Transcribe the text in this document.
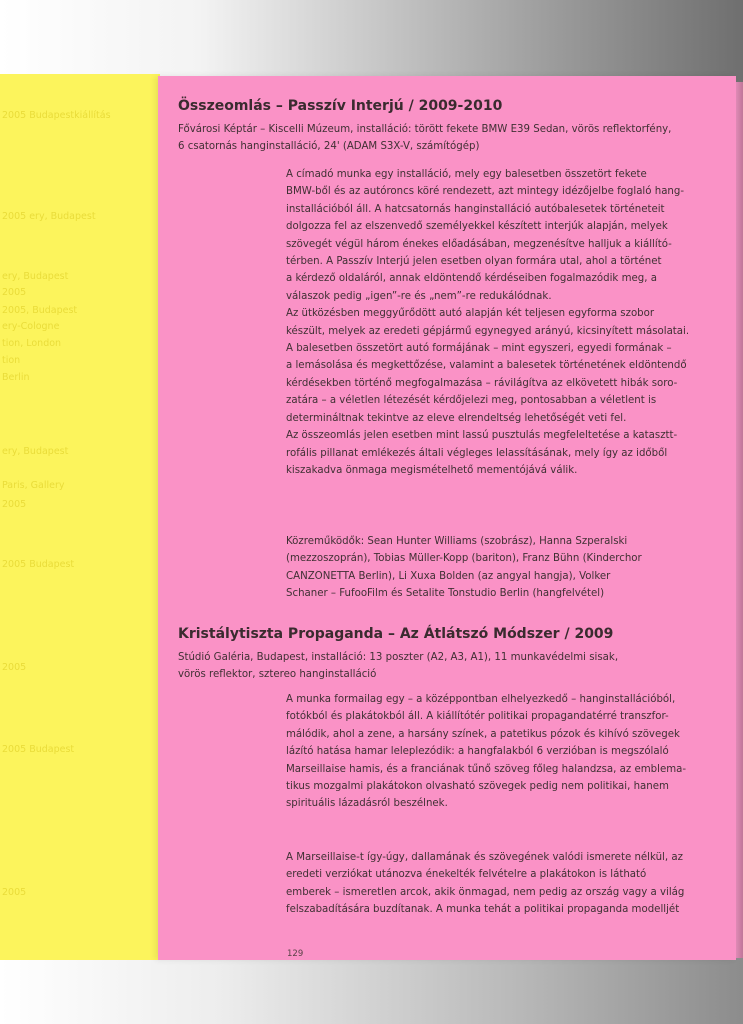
2005 Budapestkiállítás
2005 ery, Budapest
ery, Budapest
2005
2005, Budapest
ery-Cologne
tion, London
tion
Berlin
ery, Budapest
Paris, Gallery
2005
2005 Budapest
2005
2005 Budapest
2005
Összeomlás – Passzív Interjú / 2009-2010
Fővárosi Képtár – Kiscelli Múzeum, installáció: törött fekete BMW E39 Sedan, vörös reflektorfény,
6 csatornás hanginstalláció, 24' (ADAM S3X-V, számítógép)
A címadó munka egy installáció, mely egy balesetben összetört fekete
BMW-ből és az autóroncs köré rendezett, azt mintegy idézőjelbe foglaló hang-
installációból áll. A hatcsatornás hanginstalláció autóbalesetek történeteit
dolgozza fel az elszenvedő személyekkel készített interjúk alapján, melyek
szövegét végül három énekes előadásában, megzenésítve halljuk a kiállító-
térben. A Passzív Interjú jelen esetben olyan formára utal, ahol a történet
a kérdező oldaláról, annak eldöntendő kérdéseiben fogalmazódik meg, a
válaszok pedig „igen”-re és „nem”-re redukálódnak.
Az ütközésben meggyűrődött autó alapján két teljesen egyforma szobor
készült, melyek az eredeti gépjármű egynegyed arányú, kicsinyített másolatai.
A balesetben összetört autó formájának – mint egyszeri, egyedi formának –
a lemásolása és megkettőzése, valamint a balesetek történetének eldöntendő
kérdésekben történő megfogalmazása – rávilágítva az elkövetett hibák soro-
zatára – a véletlen létezését kérdőjelezi meg, pontosabban a véletlent is
determináltnak tekintve az eleve elrendeltség lehetőségét veti fel.
Az összeomlás jelen esetben mint lassú pusztulás megfeleltetése a katasztt-
rofális pillanat emlékezés általi végleges lelassításának, mely így az időből
kiszakadva önmaga megismételhető mementójává válik.
Közreműködők: Sean Hunter Williams (szobrász), Hanna Szperalski
(mezzoszoprán), Tobias Müller-Kopp (bariton), Franz Bühn (Kinderchor
CANZONETTA Berlin), Li Xuxa Bolden (az angyal hangja), Volker
Schaner – FufooFilm és Setalite Tonstudio Berlin (hangfelvétel)
Kristálytiszta Propaganda – Az Átlátszó Módszer / 2009
Stúdió Galéria, Budapest, installáció: 13 poszter (A2, A3, A1), 11 munkavédelmi sisak,
vörös reflektor, sztereo hanginstalláció
A munka formailag egy – a középpontban elhelyezkedő – hanginstallációból,
fotókból és plakátokból áll. A kiállítótér politikai propagandatérré transzfor-
málódik, ahol a zene, a harsány színek, a patetikus pózok és kihívó szövegek
lázító hatása hamar leleplezódik: a hangfalakból 6 verzióban is megszólaló
Marseillaise hamis, és a franciának tűnő szöveg főleg halandzsa, az emblema-
tikus mozgalmi plakátokon olvasható szövegek pedig nem politikai, hanem
spirituális lázadásról beszélnek.
A Marseillaise-t így-úgy, dallamának és szövegének valódi ismerete nélkül, az
eredeti verziókat utánozva énekelték felvételre a plakátokon is látható
emberek – ismeretlen arcok, akik önmagad, nem pedig az ország vagy a világ
felszabadítására buzdítanak. A munka tehát a politikai propaganda modelljét
129
